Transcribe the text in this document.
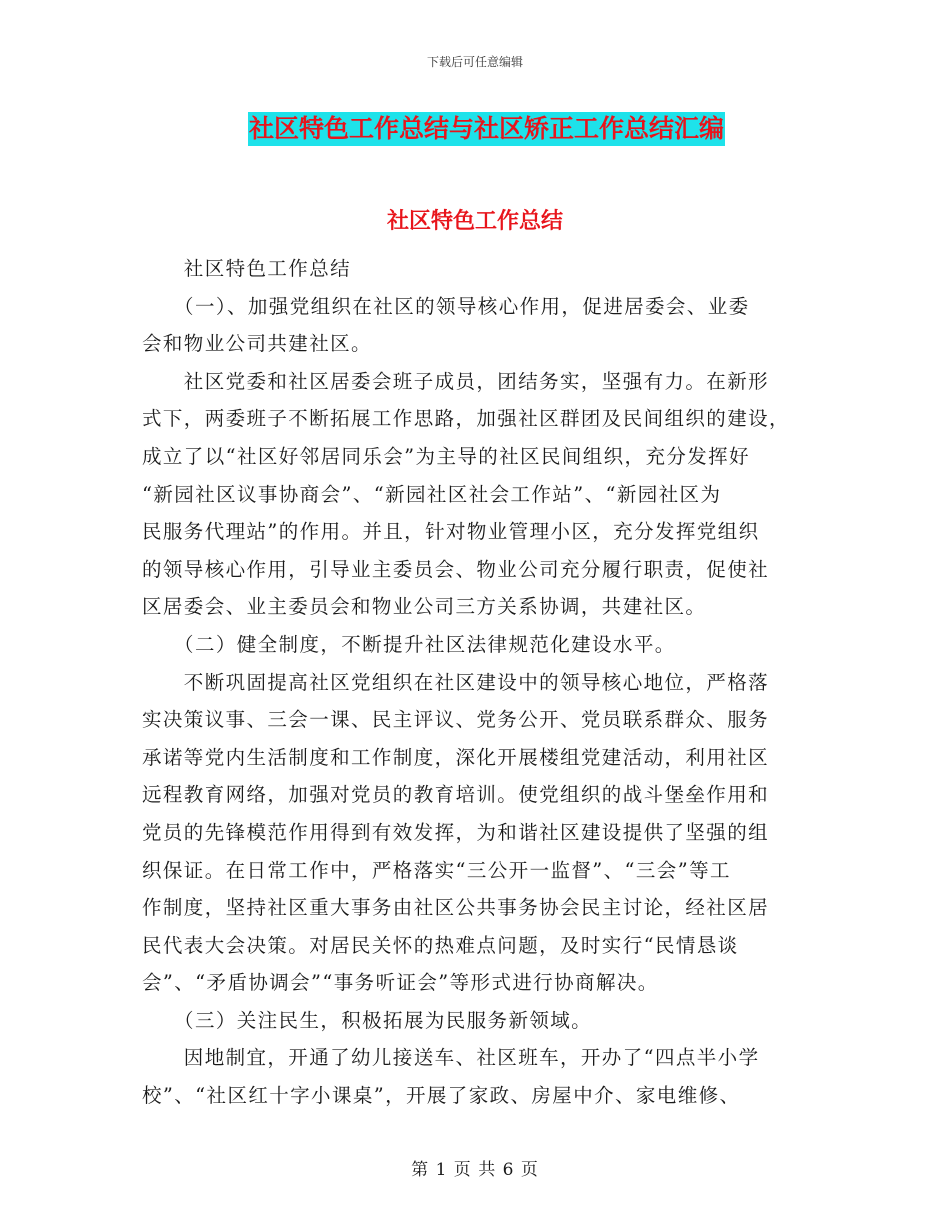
下载后可任意编辑
社区特色工作总结与社区矫正工作总结汇编
社区特色工作总结

　　社区特色工作总结

　　（一）、加强党组织在社区的领导核心作用，促进居委会、业委

会和物业公司共建社区。

　　社区党委和社区居委会班子成员，团结务实，坚强有力。在新形

式下，两委班子不断拓展工作思路，加强社区群团及民间组织的建设，

成立了以“社区好邻居同乐会”为主导的社区民间组织，充分发挥好

“新园社区议事协商会”、“新园社区社会工作站”、“新园社区为

民服务代理站”的作用。并且，针对物业管理小区，充分发挥党组织

的领导核心作用，引导业主委员会、物业公司充分履行职责，促使社

区居委会、业主委员会和物业公司三方关系协调，共建社区。

　　（二）健全制度，不断提升社区法律规范化建设水平。

　　不断巩固提高社区党组织在社区建设中的领导核心地位，严格落

实决策议事、三会一课、民主评议、党务公开、党员联系群众、服务

承诺等党内生活制度和工作制度，深化开展楼组党建活动，利用社区

远程教育网络，加强对党员的教育培训。使党组织的战斗堡垒作用和

党员的先锋模范作用得到有效发挥，为和谐社区建设提供了坚强的组

织保证。在日常工作中，严格落实“三公开一监督”、“三会”等工

作制度，坚持社区重大事务由社区公共事务协会民主讨论，经社区居

民代表大会决策。对居民关怀的热难点问题，及时实行“民情恳谈

会”、“矛盾协调会”“事务听证会”等形式进行协商解决。

　　（三）关注民生，积极拓展为民服务新领域。

　　因地制宜，开通了幼儿接送车、社区班车，开办了“四点半小学

校”、“社区红十字小课桌”，开展了家政、房屋中介、家电维修、

第 1 页 共 6 页
